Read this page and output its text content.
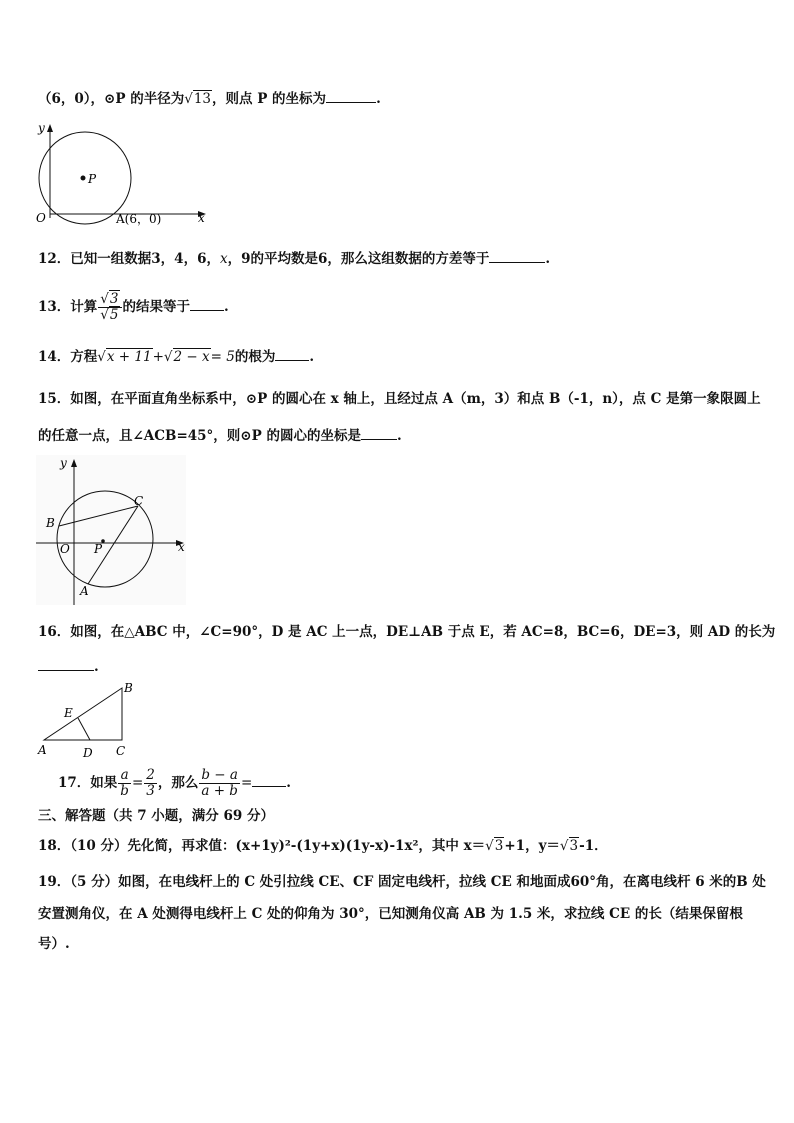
（6，0），⊙P 的半径为√13，则点 P 的坐标为	.
y
x
O
P
A(6，0)
12．已知一组数据3，4，6，x，9的平均数是6，那么这组数据的方差等于	.
13．计算 $\frac{√3}{√5}$ 的结果等于	.
14．方程√x + 11+√2 − x= 5的根为	.
15．如图，在平面直角坐标系中，⊙P 的圆心在 x 轴上，且经过点 A（m，3）和点 B（-1，n），点 C 是第一象限圆上
的任意一点，且∠ACB=45°，则⊙P 的圆心的坐标是	.
y
x
O P
A
B
C
16．如图，在△ABC 中，∠C=90°，D 是 AC 上一点，DE⊥AB 于点 E，若 AC=8，BC=6，DE=3，则 AD 的长为
.
A
B
C
D
E
17．如果 $\frac{a}{b} = \frac{2}{3}$ ，那么 $\frac{b - a}{a + b}$ =	.
三、解答题（共 7 小题，满分 69 分）
18．（10 分）先化简，再求值：(x+1y)²-(1y+x)(1y-x)-1x²，其中 x＝√3+1，y＝√3-1．
19．（5 分）如图，在电线杆上的 C 处引拉线 CE、CF 固定电线杆，拉线 CE 和地面成60°角，在离电线杆 6 米的B 处
安置测角仪，在 A 处测得电线杆上 C 处的仰角为 30°，已知测角仪高 AB 为 1.5 米，求拉线 CE 的长（结果保留根
号）.
